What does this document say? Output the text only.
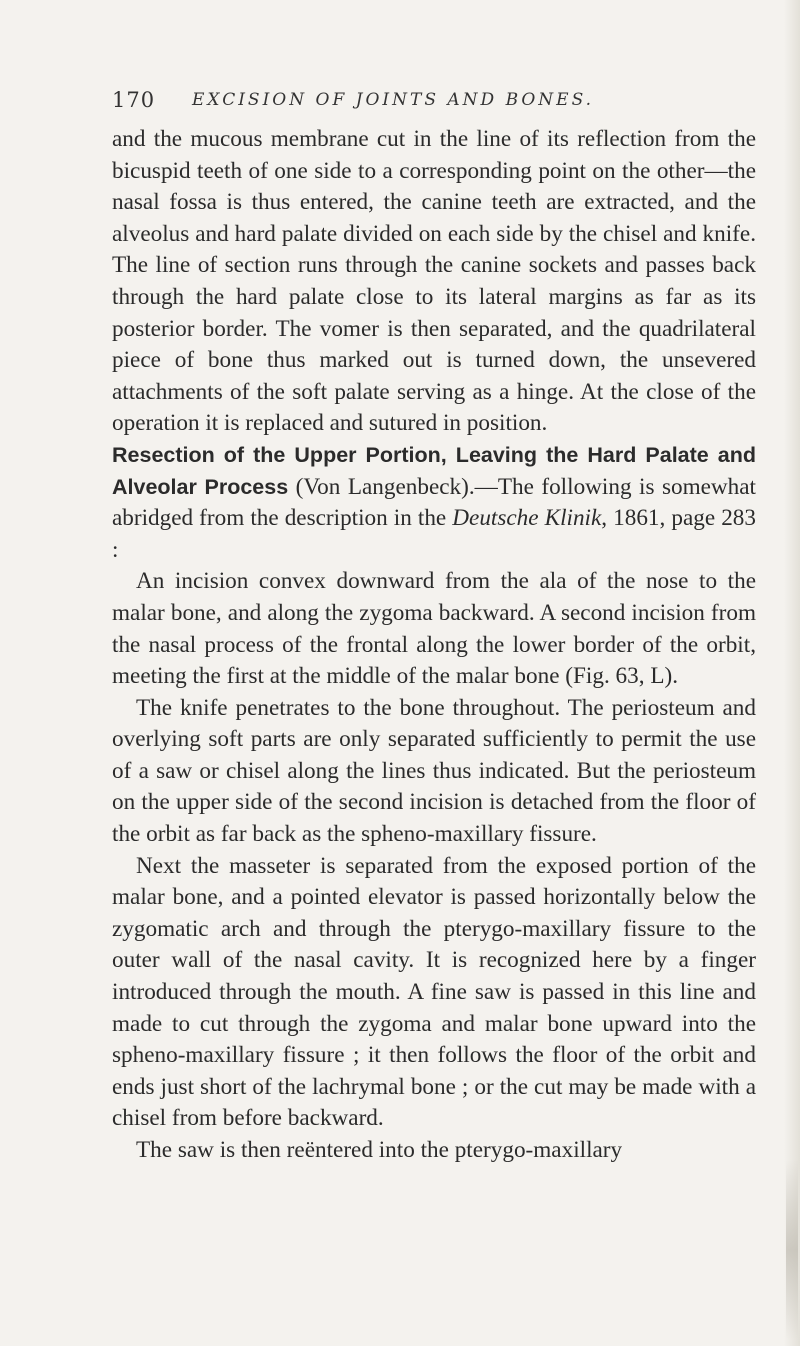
170 EXCISION OF JOINTS AND BONES.

and the mucous membrane cut in the line of its reflection from the bicuspid teeth of one side to a corresponding point on the other—the nasal fossa is thus entered, the canine teeth are extracted, and the alveolus and hard palate divided on each side by the chisel and knife. The line of section runs through the canine sockets and passes back through the hard palate close to its lateral margins as far as its posterior border. The vomer is then separated, and the quadrilateral piece of bone thus marked out is turned down, the unsevered attachments of the soft palate serving as a hinge. At the close of the operation it is replaced and sutured in position.

Resection of the Upper Portion, Leaving the Hard Palate and Alveolar Process (Von Langenbeck).—The following is somewhat abridged from the description in the Deutsche Klinik, 1861, page 283 :

An incision convex downward from the ala of the nose to the malar bone, and along the zygoma backward. A second incision from the nasal process of the frontal along the lower border of the orbit, meeting the first at the middle of the malar bone (Fig. 63, L).

The knife penetrates to the bone throughout. The periosteum and overlying soft parts are only separated sufficiently to permit the use of a saw or chisel along the lines thus indicated. But the periosteum on the upper side of the second incision is detached from the floor of the orbit as far back as the spheno-maxillary fissure.

Next the masseter is separated from the exposed portion of the malar bone, and a pointed elevator is passed horizontally below the zygomatic arch and through the pterygo-maxillary fissure to the outer wall of the nasal cavity. It is recognized here by a finger introduced through the mouth. A fine saw is passed in this line and made to cut through the zygoma and malar bone upward into the spheno-maxillary fissure ; it then follows the floor of the orbit and ends just short of the lachrymal bone ; or the cut may be made with a chisel from before backward.

The saw is then reëntered into the pterygo-maxillary
